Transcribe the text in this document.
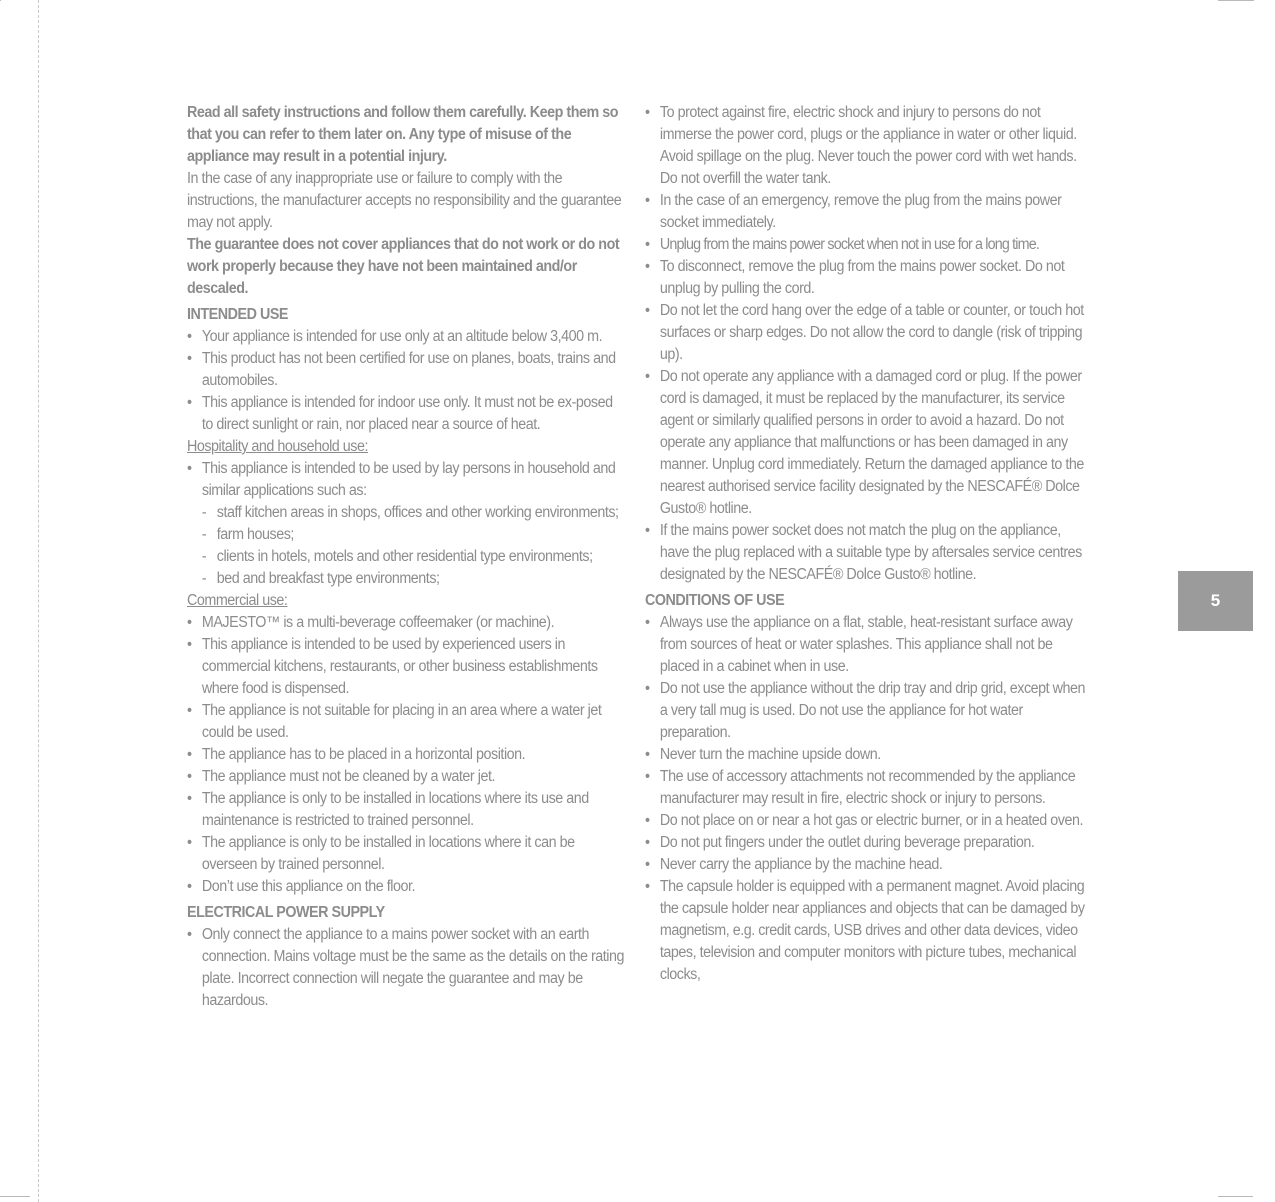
Read all safety instructions and follow them carefully. Keep them so that you can refer to them later on. Any type of misuse of the appliance may result in a potential injury.
In the case of any inappropriate use or failure to comply with the instructions, the manufacturer accepts no responsibility and the guarantee may not apply.
The guarantee does not cover appliances that do not work or do not work properly because they have not been maintained and/or descaled.
INTENDED USE
• Your appliance is intended for use only at an altitude below 3,400 m.
• This product has not been certified for use on planes, boats, trains and automobiles.
• This appliance is intended for indoor use only. It must not be ex-posed to direct sunlight or rain, nor placed near a source of heat.
Hospitality and household use:
• This appliance is intended to be used by lay persons in household and similar applications such as:
- staff kitchen areas in shops, offices and other working environments;
- farm houses;
- clients in hotels, motels and other residential type environments;
- bed and breakfast type environments;
Commercial use:
• MAJESTO™ is a multi-beverage coffeemaker (or machine).
• This appliance is intended to be used by experienced users in commercial kitchens, restaurants, or other business establishments where food is dispensed.
• The appliance is not suitable for placing in an area where a water jet could be used.
• The appliance has to be placed in a horizontal position.
• The appliance must not be cleaned by a water jet.
• The appliance is only to be installed in locations where its use and maintenance is restricted to trained personnel.
• The appliance is only to be installed in locations where it can be overseen by trained personnel.
• Don’t use this appliance on the floor.
ELECTRICAL POWER SUPPLY
• Only connect the appliance to a mains power socket with an earth connection. Mains voltage must be the same as the details on the rating plate. Incorrect connection will negate the guarantee and may be hazardous.
• To protect against fire, electric shock and injury to persons do not immerse the power cord, plugs or the appliance in water or other liquid. Avoid spillage on the plug. Never touch the power cord with wet hands. Do not overfill the water tank.
• In the case of an emergency, remove the plug from the mains power socket immediately.
• Unplug from the mains power socket when not in use for a long time.
• To disconnect, remove the plug from the mains power socket. Do not unplug by pulling the cord.
• Do not let the cord hang over the edge of a table or counter, or touch hot surfaces or sharp edges. Do not allow the cord to dangle (risk of tripping up).
• Do not operate any appliance with a damaged cord or plug. If the power cord is damaged, it must be replaced by the manufacturer, its service agent or similarly qualified persons in order to avoid a hazard. Do not operate any appliance that malfunctions or has been damaged in any manner. Unplug cord immediately. Return the damaged appliance to the nearest authorised service facility designated by the NESCAFÉ® Dolce Gusto® hotline.
• If the mains power socket does not match the plug on the appliance, have the plug replaced with a suitable type by aftersales service centres designated by the NESCAFÉ® Dolce Gusto® hotline.
CONDITIONS OF USE
• Always use the appliance on a flat, stable, heat-resistant surface away from sources of heat or water splashes. This appliance shall not be placed in a cabinet when in use.
• Do not use the appliance without the drip tray and drip grid, except when a very tall mug is used. Do not use the appliance for hot water preparation.
• Never turn the machine upside down.
• The use of accessory attachments not recommended by the appliance manufacturer may result in fire, electric shock or injury to persons.
• Do not place on or near a hot gas or electric burner, or in a heated oven.
• Do not put fingers under the outlet during beverage preparation.
• Never carry the appliance by the machine head.
• The capsule holder is equipped with a permanent magnet. Avoid placing the capsule holder near appliances and objects that can be damaged by magnetism, e.g. credit cards, USB drives and other data devices, video tapes, television and computer monitors with picture tubes, mechanical clocks,
5
